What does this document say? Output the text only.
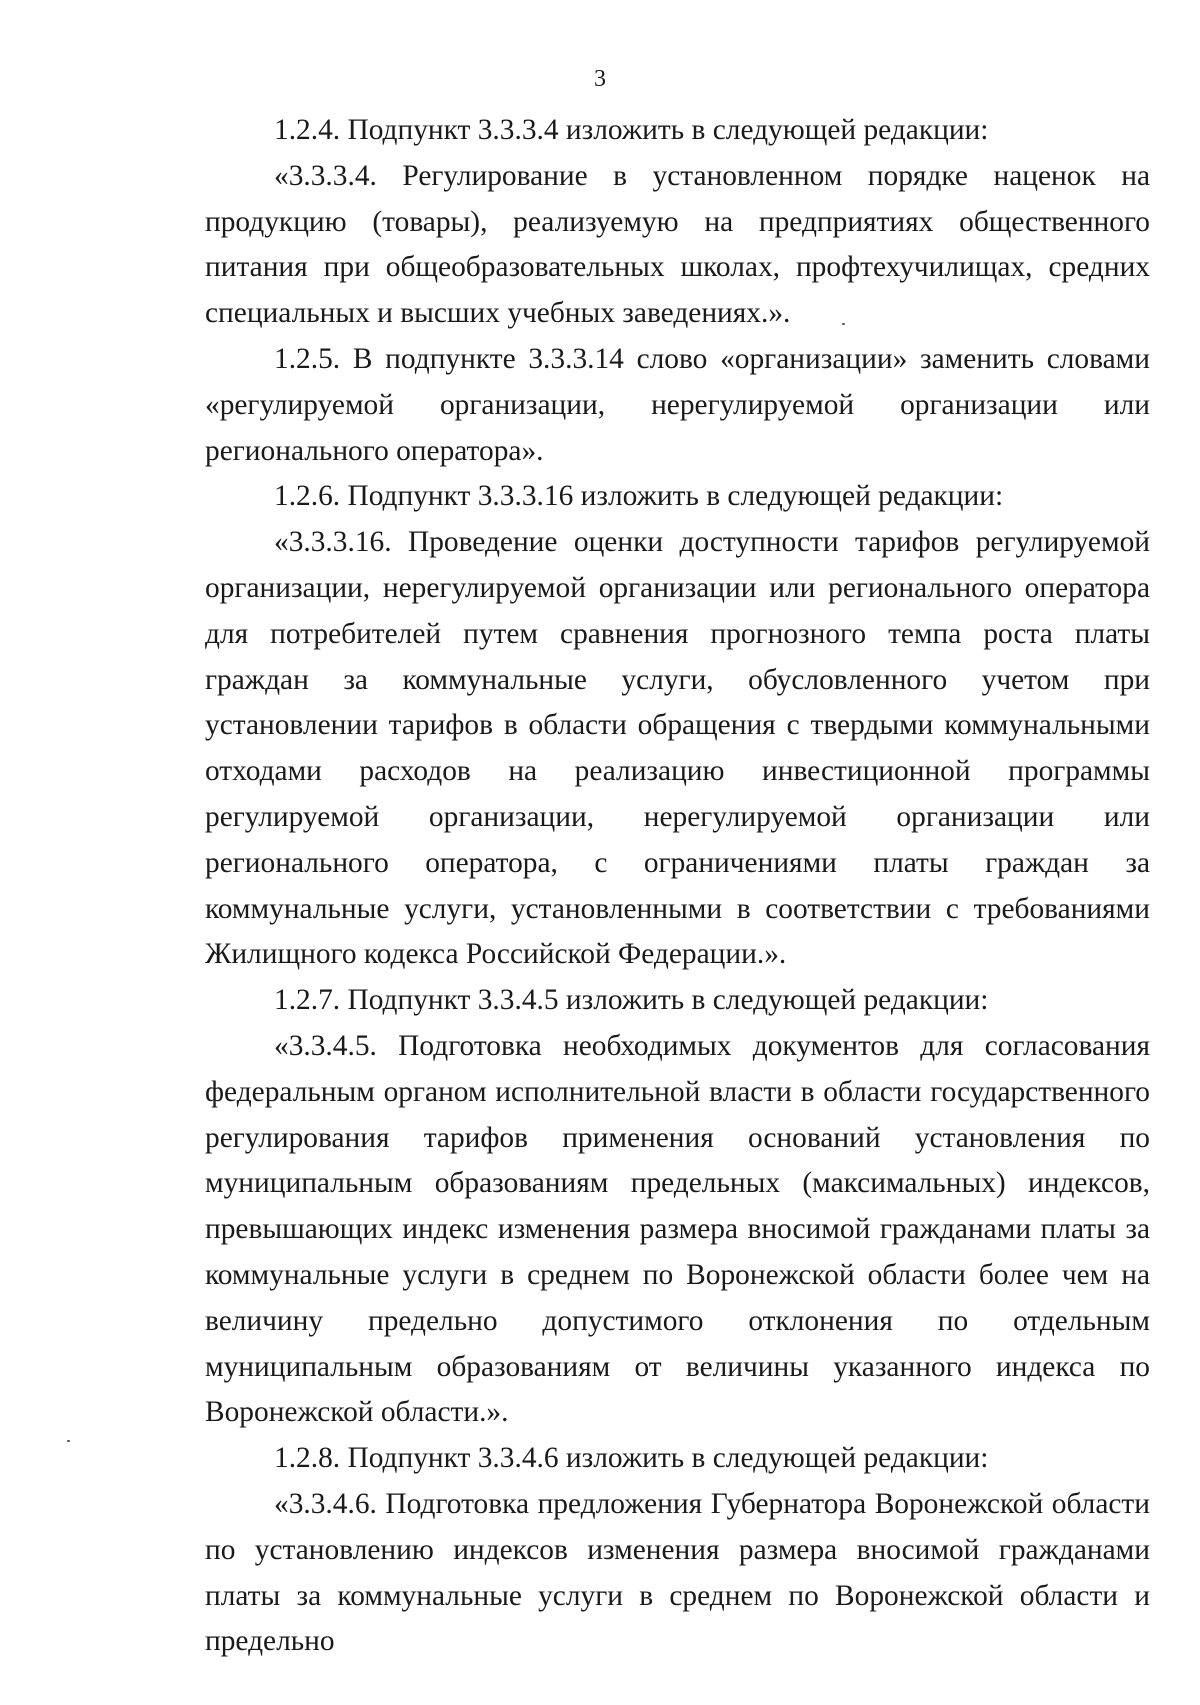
3

1.2.4. Подпункт 3.3.3.4 изложить в следующей редакции:

«3.3.3.4. Регулирование в установленном порядке наценок на продукцию (товары), реализуемую на предприятиях общественного питания при общеобразовательных школах, профтехучилищах, средних специальных и высших учебных заведениях.».

1.2.5. В подпункте 3.3.3.14 слово «организации» заменить словами «регулируемой организации, нерегулируемой организации или регионального оператора».

1.2.6. Подпункт 3.3.3.16 изложить в следующей редакции:

«3.3.3.16. Проведение оценки доступности тарифов регулируемой организации, нерегулируемой организации или регионального оператора для потребителей путем сравнения прогнозного темпа роста платы граждан за коммунальные услуги, обусловленного учетом при установлении тарифов в области обращения с твердыми коммунальными отходами расходов на реализацию инвестиционной программы регулируемой организации, нерегулируемой организации или регионального оператора, с ограничениями платы граждан за коммунальные услуги, установленными в соответствии с требованиями Жилищного кодекса Российской Федерации.».

1.2.7. Подпункт 3.3.4.5 изложить в следующей редакции:

«3.3.4.5. Подготовка необходимых документов для согласования федеральным органом исполнительной власти в области государственного регулирования тарифов применения оснований установления по муниципальным образованиям предельных (максимальных) индексов, превышающих индекс изменения размера вносимой гражданами платы за коммунальные услуги в среднем по Воронежской области более чем на величину предельно допустимого отклонения по отдельным муниципальным образованиям от величины указанного индекса по Воронежской области.».

1.2.8. Подпункт 3.3.4.6 изложить в следующей редакции:

«3.3.4.6. Подготовка предложения Губернатора Воронежской области по установлению индексов изменения размера вносимой гражданами платы за коммунальные услуги в среднем по Воронежской области и предельно
